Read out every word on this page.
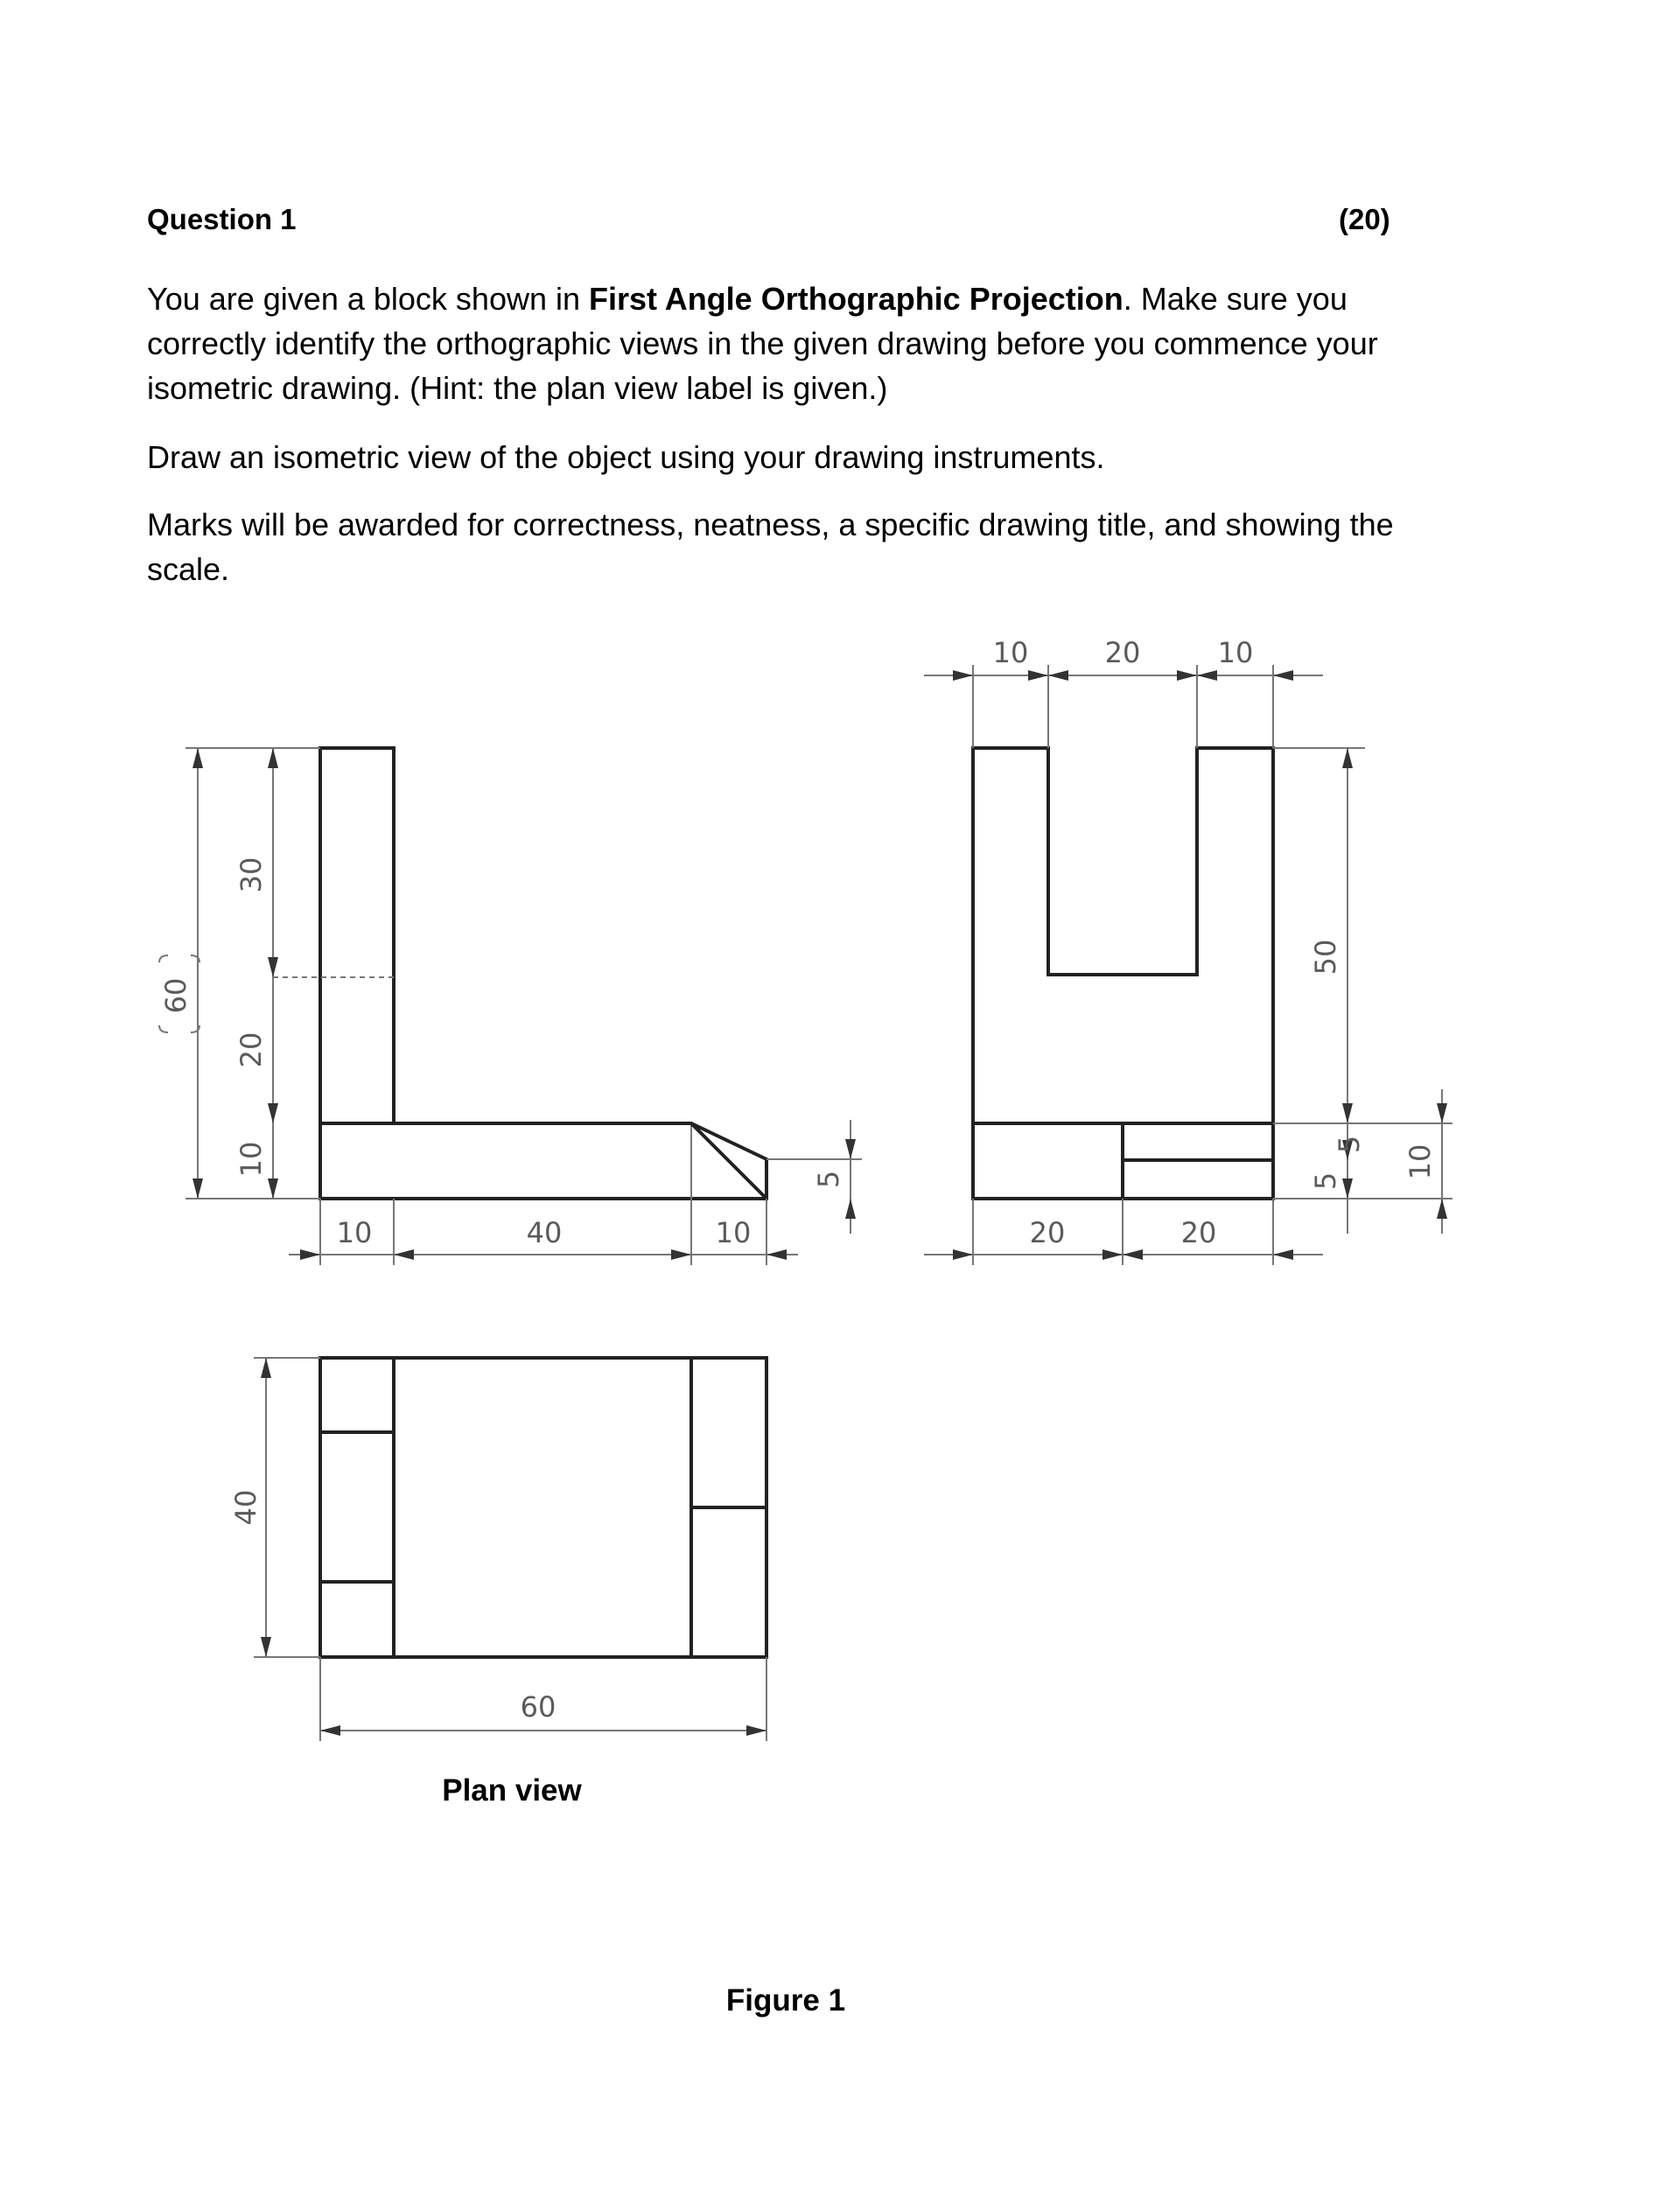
Question 1	(20)
You are given a block shown in First Angle Orthographic Projection. Make sure you correctly identify the orthographic views in the given drawing before you commence your isometric drawing. (Hint: the plan view label is given.)
Draw an isometric view of the object using your drawing instruments.
Marks will be awarded for correctness, neatness, a specific drawing title, and showing the scale.
60
30
20
10
10	40	10
5
10	20	10
20	20
50
5
5 10
40
60
Plan view
Figure 1
